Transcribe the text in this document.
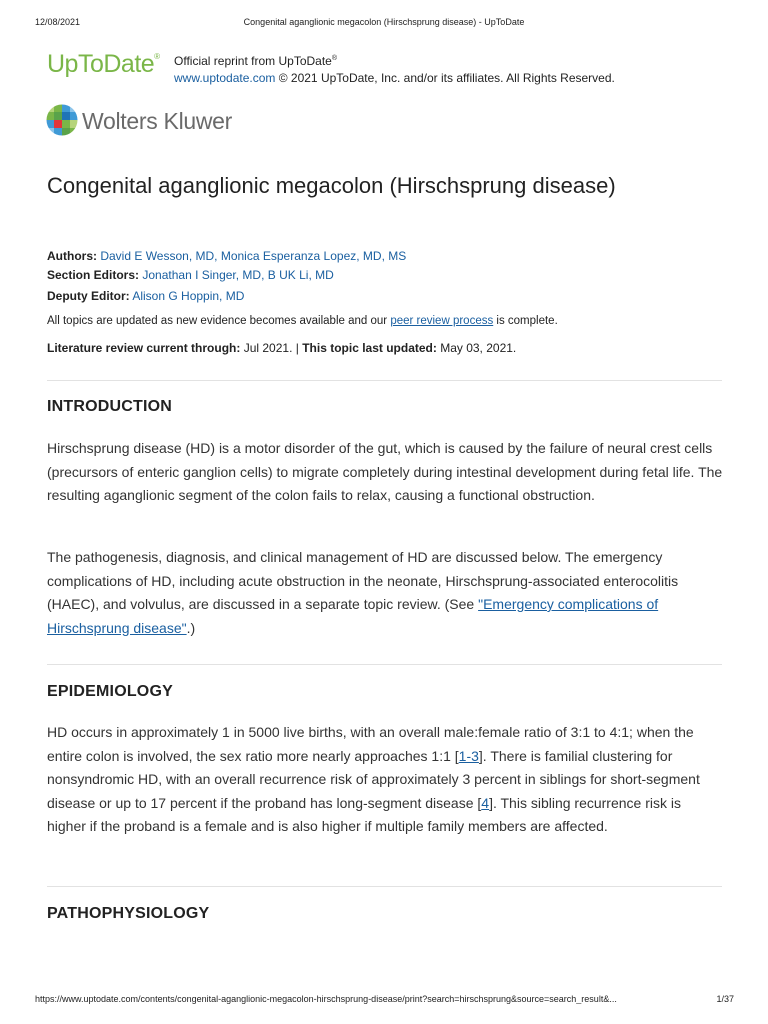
12/08/2021	Congenital aganglionic megacolon (Hirschsprung disease) - UpToDate
UpToDate® Official reprint from UpToDate®
www.uptodate.com © 2021 UpToDate, Inc. and/or its affiliates. All Rights Reserved.
Wolters Kluwer
Congenital aganglionic megacolon (Hirschsprung disease)
Authors: David E Wesson, MD, Monica Esperanza Lopez, MD, MS
Section Editors: Jonathan I Singer, MD, B UK Li, MD
Deputy Editor: Alison G Hoppin, MD
All topics are updated as new evidence becomes available and our peer review process is complete.
Literature review current through: Jul 2021. | This topic last updated: May 03, 2021.
INTRODUCTION

Hirschsprung disease (HD) is a motor disorder of the gut, which is caused by the failure of neural crest cells (precursors of enteric ganglion cells) to migrate completely during intestinal development during fetal life. The resulting aganglionic segment of the colon fails to relax, causing a functional obstruction.

The pathogenesis, diagnosis, and clinical management of HD are discussed below. The emergency complications of HD, including acute obstruction in the neonate, Hirschsprung-associated enterocolitis (HAEC), and volvulus, are discussed in a separate topic review. (See "Emergency complications of Hirschsprung disease".)

EPIDEMIOLOGY

HD occurs in approximately 1 in 5000 live births, with an overall male:female ratio of 3:1 to 4:1; when the entire colon is involved, the sex ratio more nearly approaches 1:1 [1-3]. There is familial clustering for nonsyndromic HD, with an overall recurrence risk of approximately 3 percent in siblings for short-segment disease or up to 17 percent if the proband has long-segment disease [4]. This sibling recurrence risk is higher if the proband is a female and is also higher if multiple family members are affected.

PATHOPHYSIOLOGY
https://www.uptodate.com/contents/congenital-aganglionic-megacolon-hirschsprung-disease/print?search=hirschsprung&source=search_result&...	1/37
